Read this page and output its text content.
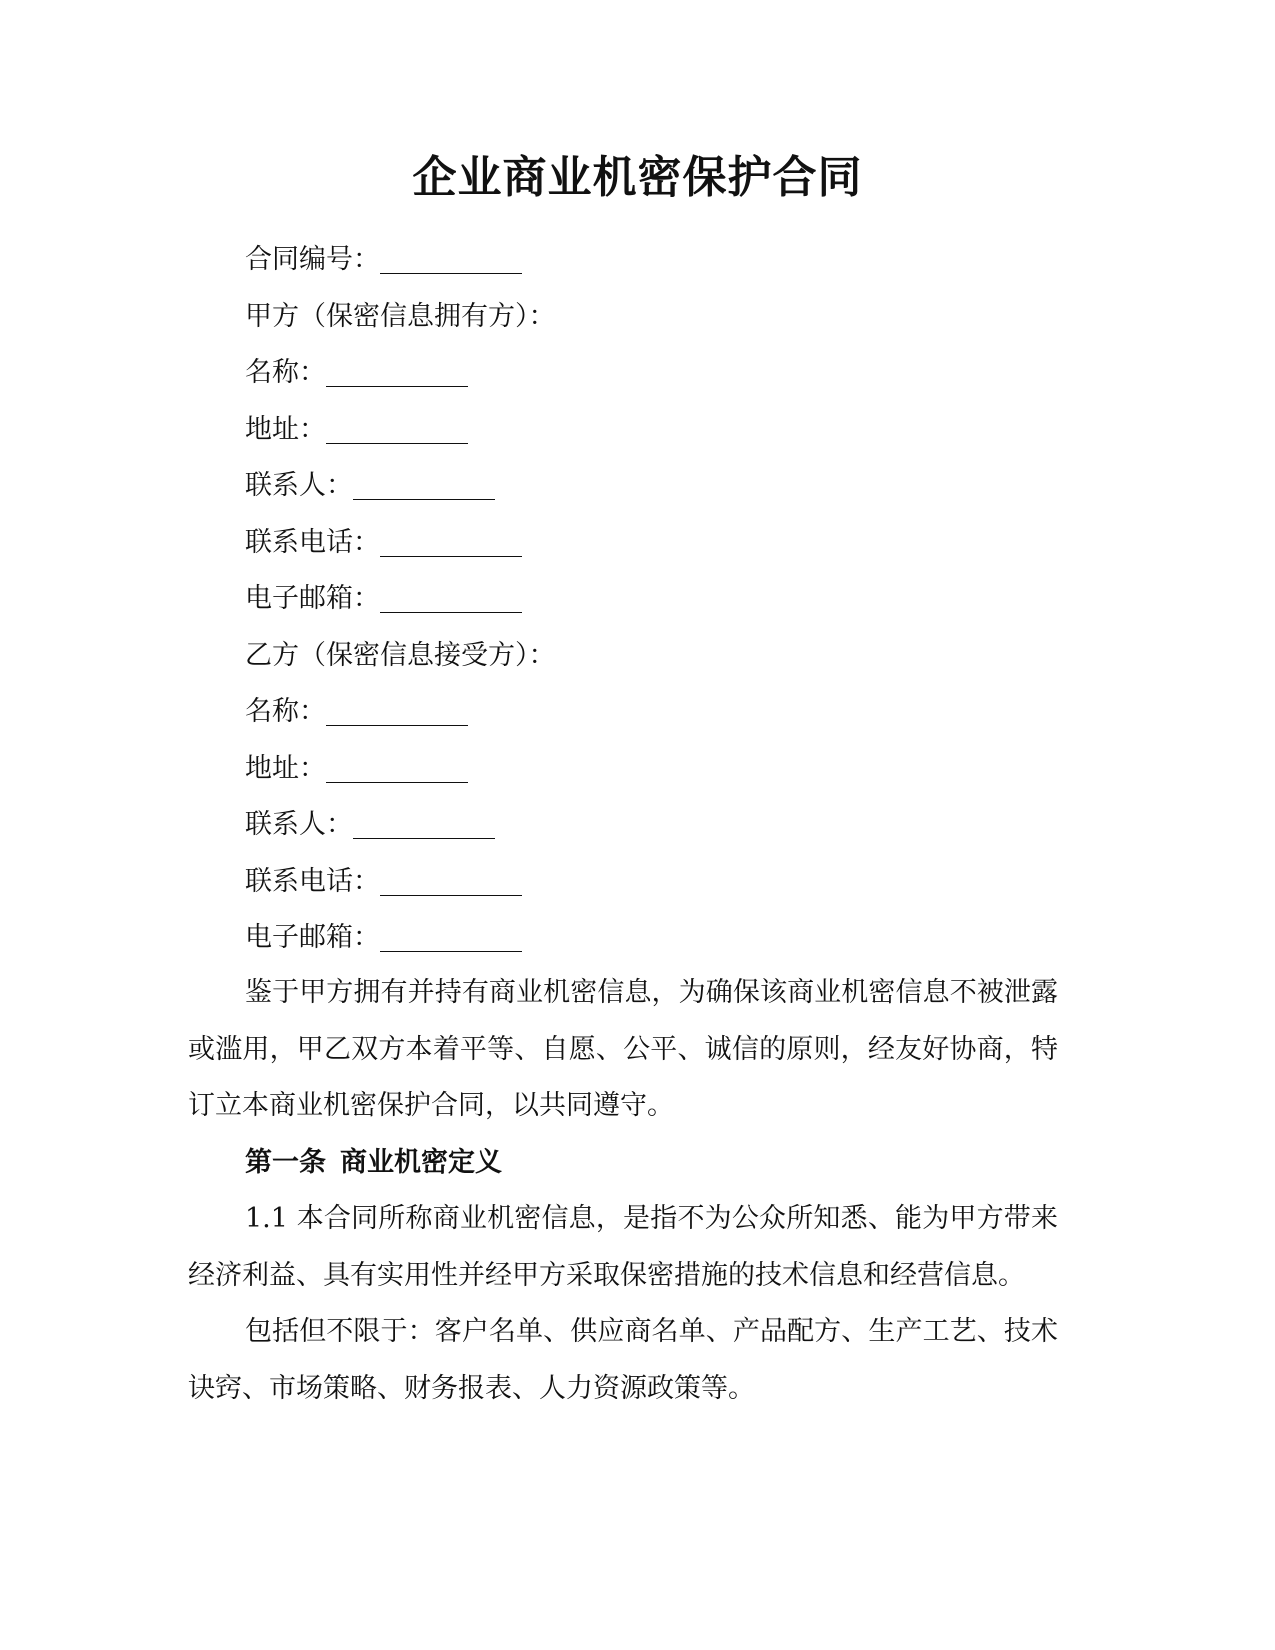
企业商业机密保护合同
合同编号：
甲方（保密信息拥有方）：
名称：
地址：
联系人：
联系电话：
电子邮箱：
乙方（保密信息接受方）：
名称：
地址：
联系人：
联系电话：
电子邮箱：

鉴于甲方拥有并持有商业机密信息，为确保该商业机密信息不被泄露或滥用，甲乙双方本着平等、自愿、公平、诚信的原则，经友好协商，特订立本商业机密保护合同，以共同遵守。

第一条 商业机密定义

1.1 本合同所称商业机密信息，是指不为公众所知悉、能为甲方带来经济利益、具有实用性并经甲方采取保密措施的技术信息和经营信息。

包括但不限于：客户名单、供应商名单、产品配方、生产工艺、技术诀窍、市场策略、财务报表、人力资源政策等。
